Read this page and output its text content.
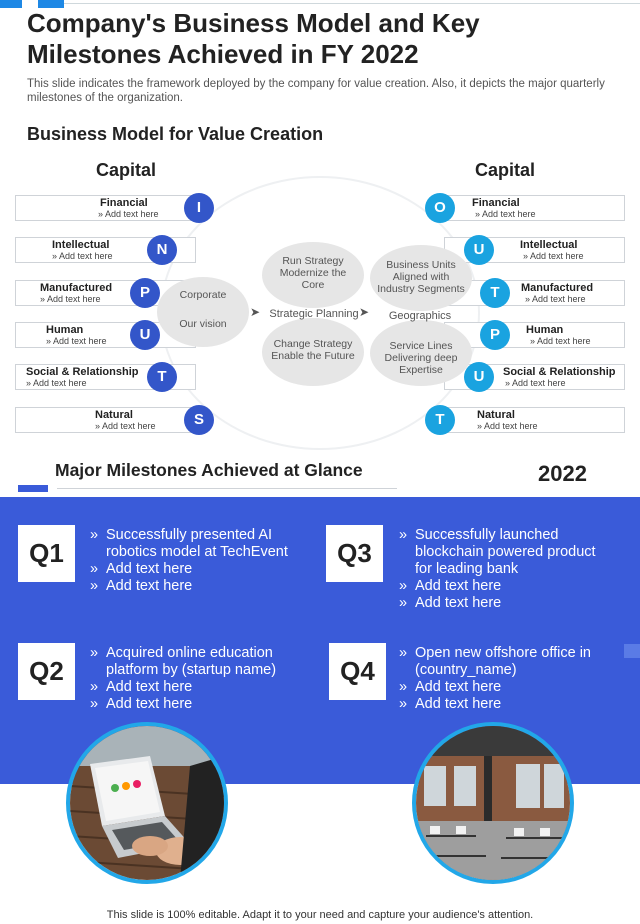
Company's Business Model and Key Milestones Achieved in FY 2022
This slide indicates the framework deployed by the company for value creation. Also, it depicts the major quarterly milestones of the organization.
Business Model for Value Creation
Capital	Capital
Financial
» Add text here
Intellectual
» Add text here
Manufactured
» Add text here
Human
» Add text here
Social & Relationship
» Add text here
Natural
» Add text here
I
N
P
U
T
S
Financial
» Add text here
Intellectual
» Add text here
Manufactured
» Add text here
Human
» Add text here
Social & Relationship
» Add text here
Natural
» Add text here
O
U
T
P
U
T
Corporate
Our vision
Run Strategy Modernize the Core
Change Strategy Enable the Future
➤ Strategic Planning ➤
Business Units Aligned with Industry Segments
Service Lines Delivering deep Expertise
Geographics
Major Milestones Achieved at Glance	2022
Q1
» Successfully presented AI robotics model at TechEvent
» Add text here
» Add text here
Q3
» Successfully launched blockchain powered product for leading bank
» Add text here
» Add text here
Q2
» Acquired online education platform by (startup name)
» Add text here
» Add text here
Q4
» Open new offshore office in (country_name)
» Add text here
» Add text here
This slide is 100% editable. Adapt it to your need and capture your audience's attention.
